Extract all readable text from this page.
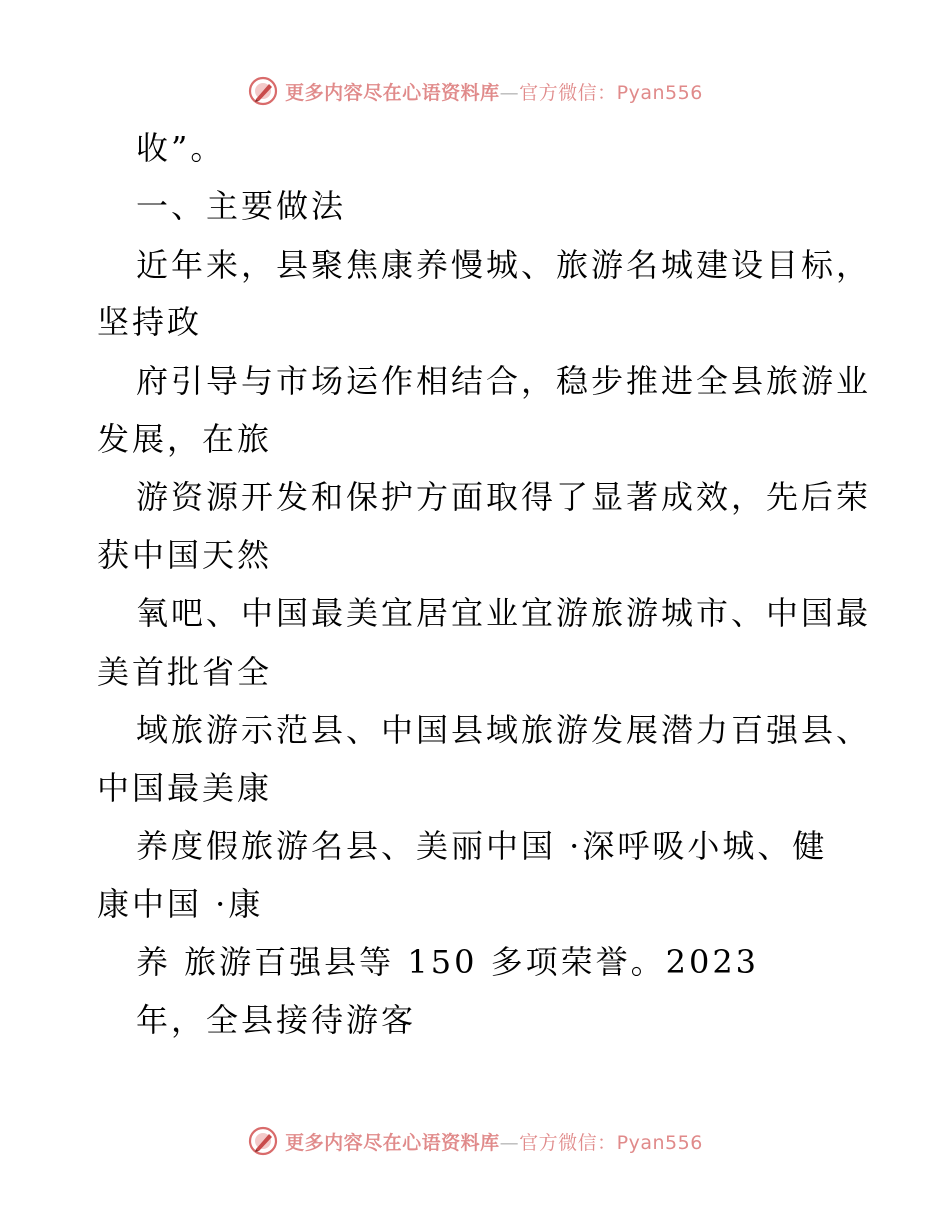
更多内容尽在心语资料库—官方微信：Pyan556
收”。
一、主要做法
近年来，县聚焦康养慢城、旅游名城建设目标，
坚持政
府引导与市场运作相结合，稳步推进全县旅游业
发展，在旅
游资源开发和保护方面取得了显著成效，先后荣
获中国天然
氧吧、中国最美宜居宜业宜游旅游城市、中国最
美首批省全
域旅游示范县、中国县域旅游发展潜力百强县、
中国最美康
养度假旅游名县、美丽中国 ·深呼吸小城、健
康中国 ·康
养 旅游百强县等 150 多项荣誉。2023
年，全县接待游客
更多内容尽在心语资料库—官方微信：Pyan556
